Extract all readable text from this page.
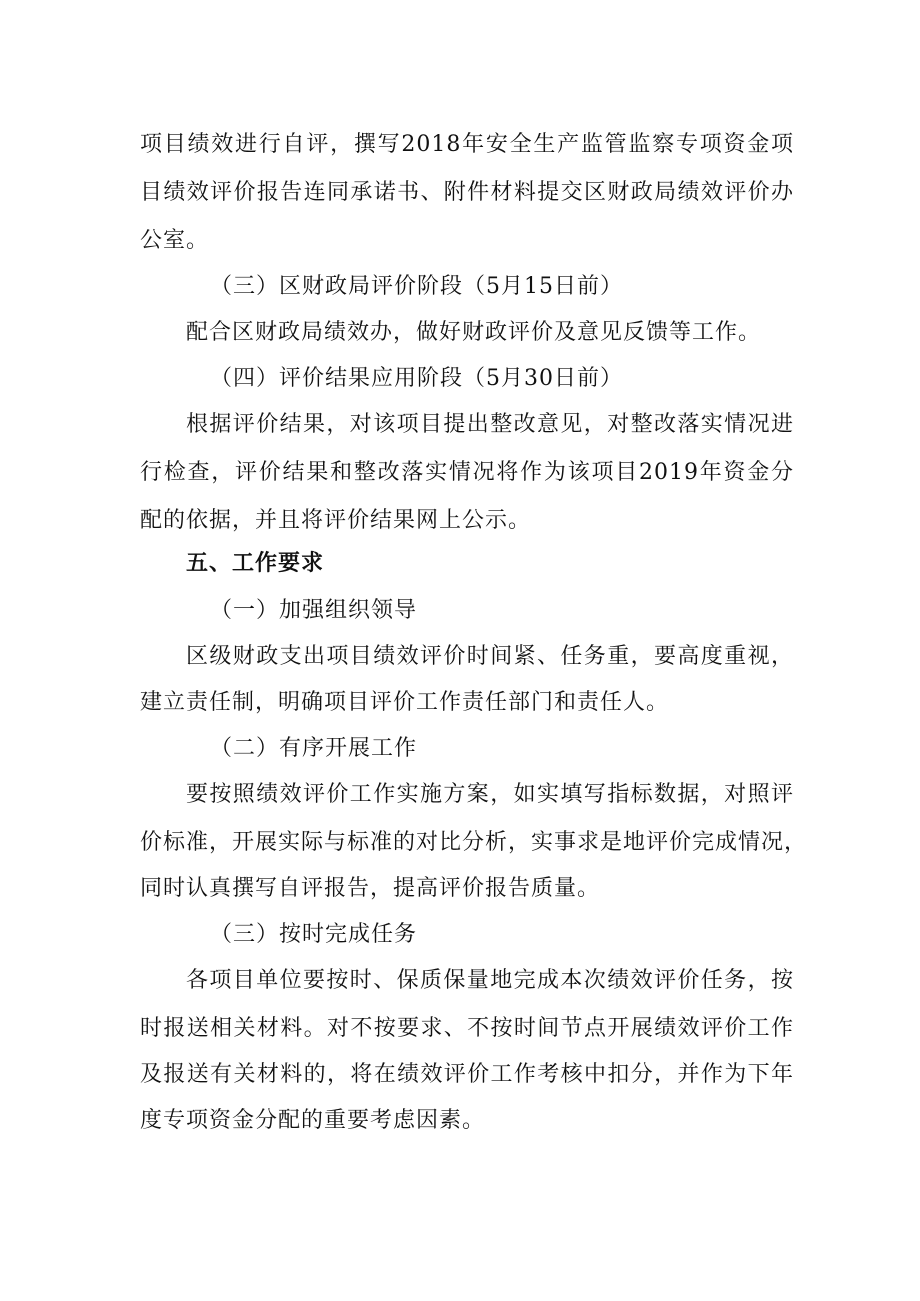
项目绩效进行自评，撰写2018年安全生产监管监察专项资金项
目绩效评价报告连同承诺书、附件材料提交区财政局绩效评价办
公室。
（三）区财政局评价阶段（5月15日前）
配合区财政局绩效办，做好财政评价及意见反馈等工作。
（四）评价结果应用阶段（5月30日前）
根据评价结果，对该项目提出整改意见，对整改落实情况进
行检查，评价结果和整改落实情况将作为该项目2019年资金分
配的依据，并且将评价结果网上公示。
五、工作要求
（一）加强组织领导
区级财政支出项目绩效评价时间紧、任务重，要高度重视，
建立责任制，明确项目评价工作责任部门和责任人。
（二）有序开展工作
要按照绩效评价工作实施方案，如实填写指标数据，对照评
价标准，开展实际与标准的对比分析，实事求是地评价完成情况，
同时认真撰写自评报告，提高评价报告质量。
（三）按时完成任务
各项目单位要按时、保质保量地完成本次绩效评价任务，按
时报送相关材料。对不按要求、不按时间节点开展绩效评价工作
及报送有关材料的，将在绩效评价工作考核中扣分，并作为下年
度专项资金分配的重要考虑因素。
